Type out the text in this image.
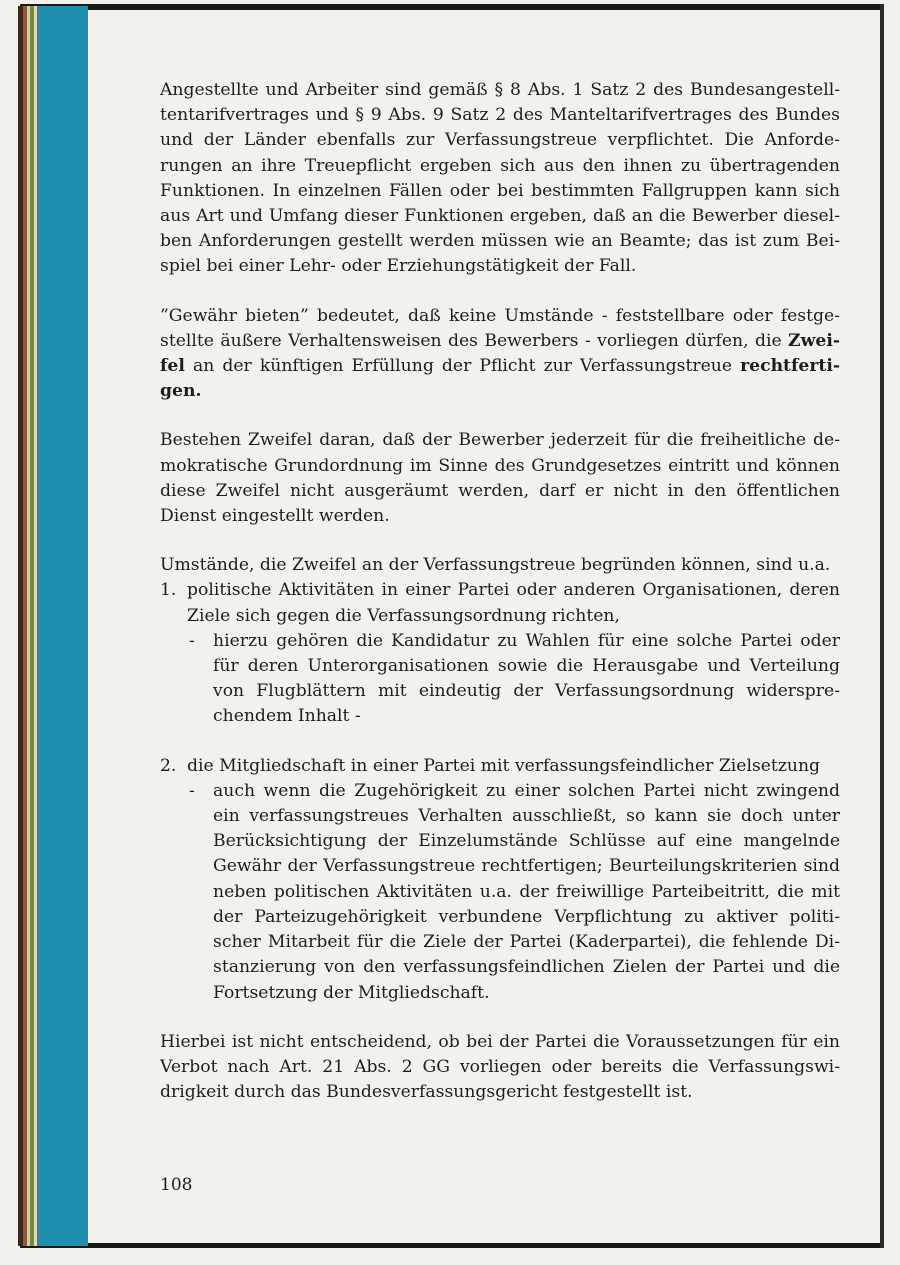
Angestellte und Arbeiter sind gemäß § 8 Abs. 1 Satz 2 des Bundesangestelltentarifvertrages und § 9 Abs. 9 Satz 2 des Manteltarifvertrages des Bundes und der Länder ebenfalls zur Verfassungstreue verpflichtet. Die Anforderungen an ihre Treuepflicht ergeben sich aus den ihnen zu übertragenden Funktionen. In einzelnen Fällen oder bei bestimmten Fallgruppen kann sich aus Art und Umfang dieser Funktionen ergeben, daß an die Bewerber dieselben Anforderungen gestellt werden müssen wie an Beamte; das ist zum Beispiel bei einer Lehr- oder Erziehungstätigkeit der Fall.

”Gewähr bieten” bedeutet, daß keine Umstände - feststellbare oder festgestellte äußere Verhaltensweisen des Bewerbers - vorliegen dürfen, die Zweifel an der künftigen Erfüllung der Pflicht zur Verfassungstreue rechtfertigen.

Bestehen Zweifel daran, daß der Bewerber jederzeit für die freiheitliche demokratische Grundordnung im Sinne des Grundgesetzes eintritt und können diese Zweifel nicht ausgeräumt werden, darf er nicht in den öffentlichen Dienst eingestellt werden.

Umstände, die Zweifel an der Verfassungstreue begründen können, sind u.a.

1. politische Aktivitäten in einer Partei oder anderen Organisationen, deren Ziele sich gegen die Verfassungsordnung richten,
- hierzu gehören die Kandidatur zu Wahlen für eine solche Partei oder für deren Unterorganisationen sowie die Herausgabe und Verteilung von Flugblättern mit eindeutig der Verfassungsordnung widersprechendem Inhalt -
2. die Mitgliedschaft in einer Partei mit verfassungsfeindlicher Zielsetzung
- auch wenn die Zugehörigkeit zu einer solchen Partei nicht zwingend ein verfassungstreues Verhalten ausschließt, so kann sie doch unter Berücksichtigung der Einzelumstände Schlüsse auf eine mangelnde Gewähr der Verfassungstreue rechtfertigen; Beurteilungskriterien sind neben politischen Aktivitäten u.a. der freiwillige Parteibeitritt, die mit der Parteizugehörigkeit verbundene Verpflichtung zu aktiver politischer Mitarbeit für die Ziele der Partei (Kaderpartei), die fehlende Distanzierung von den verfassungsfeindlichen Zielen der Partei und die Fortsetzung der Mitgliedschaft.

Hierbei ist nicht entscheidend, ob bei der Partei die Voraussetzungen für ein Verbot nach Art. 21 Abs. 2 GG vorliegen oder bereits die Verfassungswidrigkeit durch das Bundesverfassungsgericht festgestellt ist.

108
